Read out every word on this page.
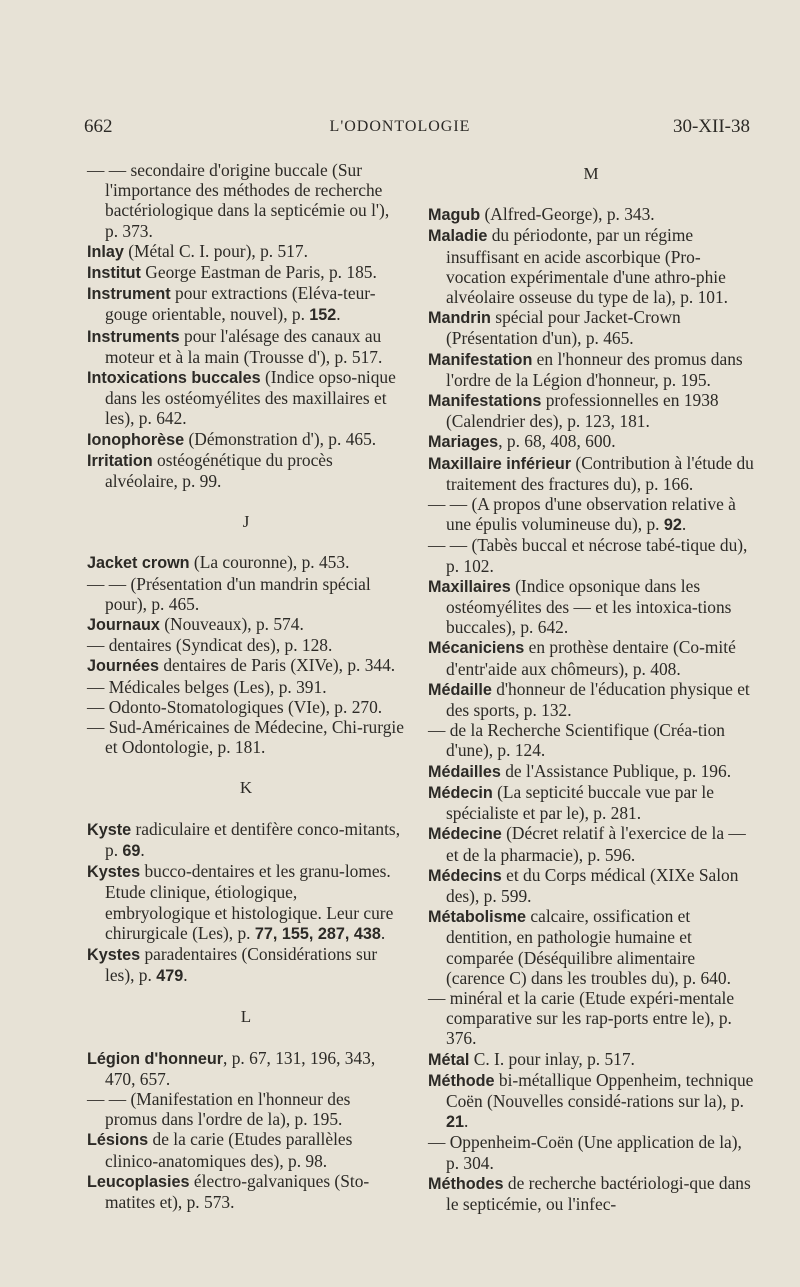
662	L'ODONTOLOGIE	30-XII-38

— — secondaire d'origine buccale (Sur l'importance des méthodes de recherche bactériologique dans la septicémie ou l'), p. 373.

Inlay (Métal C. I. pour), p. 517.

Institut George Eastman de Paris, p. 185.

Instrument pour extractions (Eléva-teur-gouge orientable, nouvel), p. 152.

Instruments pour l'alésage des canaux au moteur et à la main (Trousse d'), p. 517.

Intoxications buccales (Indice opso-nique dans les ostéomyélites des maxillaires et les), p. 642.

Ionophorèse (Démonstration d'), p. 465.

Irritation ostéogénétique du procès alvéolaire, p. 99.

J

Jacket crown (La couronne), p. 453.

— — (Présentation d'un mandrin spécial pour), p. 465.

Journaux (Nouveaux), p. 574.

— dentaires (Syndicat des), p. 128.

Journées dentaires de Paris (XIVe), p. 344.

— Médicales belges (Les), p. 391.

— Odonto-Stomatologiques (VIe), p. 270.

— Sud-Américaines de Médecine, Chi-rurgie et Odontologie, p. 181.

K

Kyste radiculaire et dentifère conco-mitants, p. 69.

Kystes bucco-dentaires et les granu-lomes. Etude clinique, étiologique, embryologique et histologique. Leur cure chirurgicale (Les), p. 77, 155, 287, 438.

Kystes paradentaires (Considérations sur les), p. 479.

L

Légion d'honneur, p. 67, 131, 196, 343, 470, 657.

— — (Manifestation en l'honneur des promus dans l'ordre de la), p. 195.

Lésions de la carie (Etudes parallèles clinico-anatomiques des), p. 98.

Leucoplasies électro-galvaniques (Sto-matites et), p. 573.

M

Magub (Alfred-George), p. 343.

Maladie du périodonte, par un régime insuffisant en acide ascorbique (Pro-vocation expérimentale d'une athro-phie alvéolaire osseuse du type de la), p. 101.

Mandrin spécial pour Jacket-Crown (Présentation d'un), p. 465.

Manifestation en l'honneur des promus dans l'ordre de la Légion d'honneur, p. 195.

Manifestations professionnelles en 1938 (Calendrier des), p. 123, 181.

Mariages, p. 68, 408, 600.

Maxillaire inférieur (Contribution à l'étude du traitement des fractures du), p. 166.

— — (A propos d'une observation relative à une épulis volumineuse du), p. 92.

— — (Tabès buccal et nécrose tabé-tique du), p. 102.

Maxillaires (Indice opsonique dans les ostéomyélites des — et les intoxica-tions buccales), p. 642.

Mécaniciens en prothèse dentaire (Co-mité d'entr'aide aux chômeurs), p. 408.

Médaille d'honneur de l'éducation physique et des sports, p. 132.

— de la Recherche Scientifique (Créa-tion d'une), p. 124.

Médailles de l'Assistance Publique, p. 196.

Médecin (La septicité buccale vue par le spécialiste et par le), p. 281.

Médecine (Décret relatif à l'exercice de la — et de la pharmacie), p. 596.

Médecins et du Corps médical (XIXe Salon des), p. 599.

Métabolisme calcaire, ossification et dentition, en pathologie humaine et comparée (Déséquilibre alimentaire (carence C) dans les troubles du), p. 640.

— minéral et la carie (Etude expéri-mentale comparative sur les rap-ports entre le), p. 376.

Métal C. I. pour inlay, p. 517.

Méthode bi-métallique Oppenheim, technique Coën (Nouvelles considé-rations sur la), p. 21.

— Oppenheim-Coën (Une application de la), p. 304.

Méthodes de recherche bactériologi-que dans le septicémie, ou l'infec-
